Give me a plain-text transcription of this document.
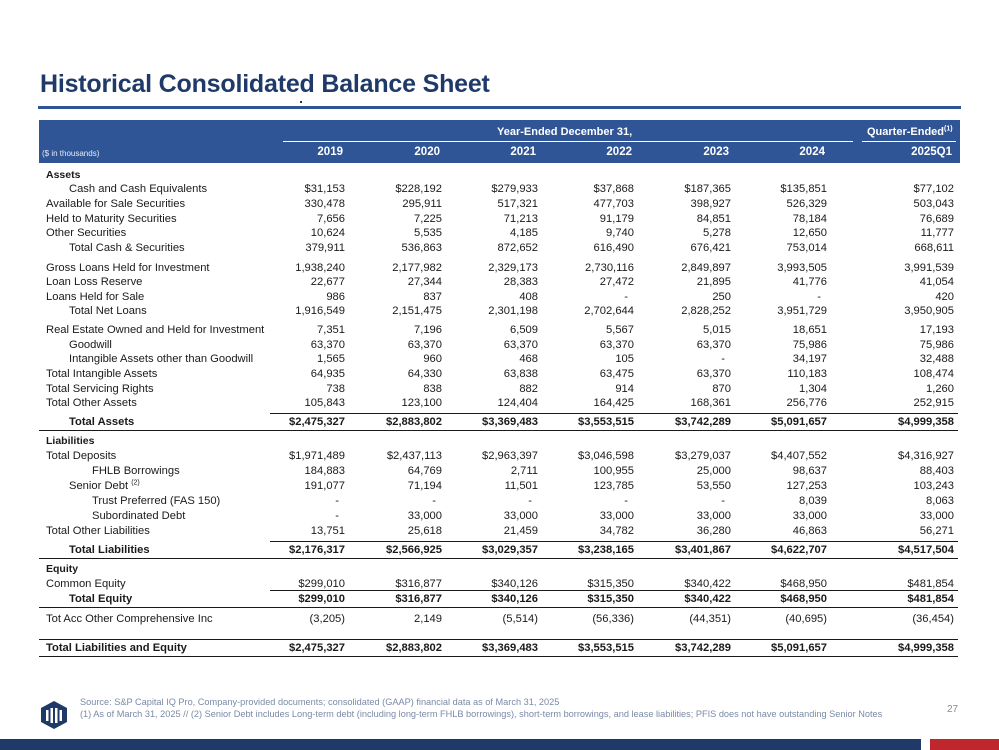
Historical Consolidated Balance Sheet
Year-Ended December 31,	Quarter-Ended$^{(1)}$
($ in thousands)	2019	2020	2021	2022	2023	2024	2025Q1
Assets
Cash and Cash Equivalents	$31,153	$228,192	$279,933	$37,868	$187,365	$135,851	$77,102
Available for Sale Securities	330,478	295,911	517,321	477,703	398,927	526,329	503,043
Held to Maturity Securities	7,656	7,225	71,213	91,179	84,851	78,184	76,689
Other Securities	10,624	5,535	4,185	9,740	5,278	12,650	11,777
Total Cash & Securities	379,911	536,863	872,652	616,490	676,421	753,014	668,611
Gross Loans Held for Investment	1,938,240	2,177,982	2,329,173	2,730,116	2,849,897	3,993,505	3,991,539
Loan Loss Reserve	22,677	27,344	28,383	27,472	21,895	41,776	41,054
Loans Held for Sale	986	837	408	-	250	-	420
Total Net Loans	1,916,549	2,151,475	2,301,198	2,702,644	2,828,252	3,951,729	3,950,905
Real Estate Owned and Held for Investment	7,351	7,196	6,509	5,567	5,015	18,651	17,193
Goodwill	63,370	63,370	63,370	63,370	63,370	75,986	75,986
Intangible Assets other than Goodwill	1,565	960	468	105	-	34,197	32,488
Total Intangible Assets	64,935	64,330	63,838	63,475	63,370	110,183	108,474
Total Servicing Rights	738	838	882	914	870	1,304	1,260
Total Other Assets	105,843	123,100	124,404	164,425	168,361	256,776	252,915
Total Assets	$2,475,327	$2,883,802	$3,369,483	$3,553,515	$3,742,289	$5,091,657	$4,999,358
Liabilities
Total Deposits	$1,971,489	$2,437,113	$2,963,397	$3,046,598	$3,279,037	$4,407,552	$4,316,927
FHLB Borrowings	184,883	64,769	2,711	100,955	25,000	98,637	88,403
Senior Debt $^{(2)}$	191,077	71,194	11,501	123,785	53,550	127,253	103,243
Trust Preferred (FAS 150)	-	-	-	-	-	8,039	8,063
Subordinated Debt	-	33,000	33,000	33,000	33,000	33,000	33,000
Total Other Liabilities	13,751	25,618	21,459	34,782	36,280	46,863	56,271
Total Liabilities	$2,176,317	$2,566,925	$3,029,357	$3,238,165	$3,401,867	$4,622,707	$4,517,504
Equity
Common Equity	$299,010	$316,877	$340,126	$315,350	$340,422	$468,950	$481,854
Total Equity	$299,010	$316,877	$340,126	$315,350	$340,422	$468,950	$481,854
Tot Acc Other Comprehensive Inc	(3,205)	2,149	(5,514)	(56,336)	(44,351)	(40,695)	(36,454)
Total Liabilities and Equity	$2,475,327	$2,883,802	$3,369,483	$3,553,515	$3,742,289	$5,091,657	$4,999,358
Source: S&P Capital IQ Pro, Company-provided documents; consolidated (GAAP) financial data as of March 31, 2025
(1) As of March 31, 2025 // (2) Senior Debt includes Long-term debt (including long-term FHLB borrowings), short-term borrowings, and lease liabilities; PFIS does not have outstanding Senior Notes	27
